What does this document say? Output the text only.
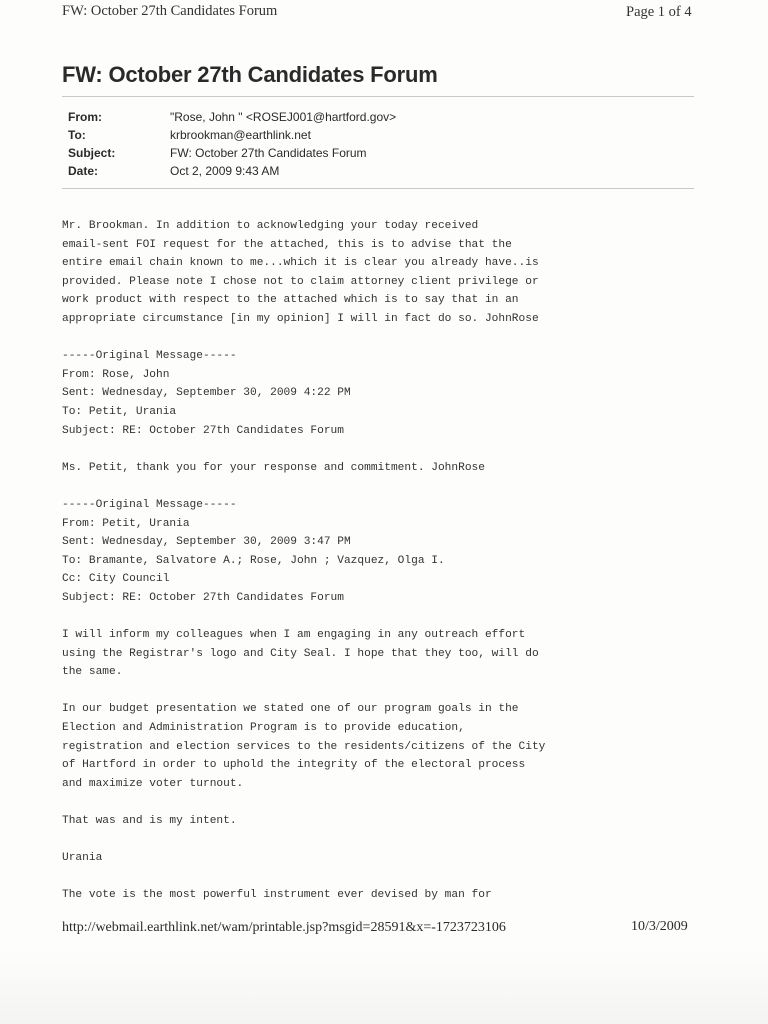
FW: October 27th Candidates Forum	Page 1 of 4
FW: October 27th Candidates Forum
From:	"Rose, John " <ROSEJ001@hartford.gov>
To:	krbrookman@earthlink.net
Subject:	FW: October 27th Candidates Forum
Date:	Oct 2, 2009 9:43 AM
Mr. Brookman. In addition to acknowledging your today received
email-sent FOI request for the attached, this is to advise that the
entire email chain known to me...which it is clear you already have..is
provided. Please note I chose not to claim attorney client privilege or
work product with respect to the attached which is to say that in an
appropriate circumstance [in my opinion] I will in fact do so. JohnRose
-----Original Message-----
From: Rose, John
Sent: Wednesday, September 30, 2009 4:22 PM
To: Petit, Urania
Subject: RE: October 27th Candidates Forum
Ms. Petit, thank you for your response and commitment. JohnRose
-----Original Message-----
From: Petit, Urania
Sent: Wednesday, September 30, 2009 3:47 PM
To: Bramante, Salvatore A.; Rose, John ; Vazquez, Olga I.
Cc: City Council
Subject: RE: October 27th Candidates Forum
I will inform my colleagues when I am engaging in any outreach effort
using the Registrar's logo and City Seal. I hope that they too, will do
the same.
In our budget presentation we stated one of our program goals in the
Election and Administration Program is to provide education,
registration and election services to the residents/citizens of the City
of Hartford in order to uphold the integrity of the electoral process
and maximize voter turnout.
That was and is my intent.
Urania
The vote is the most powerful instrument ever devised by man for
http://webmail.earthlink.net/wam/printable.jsp?msgid=28591&x=-1723723106	10/3/2009
